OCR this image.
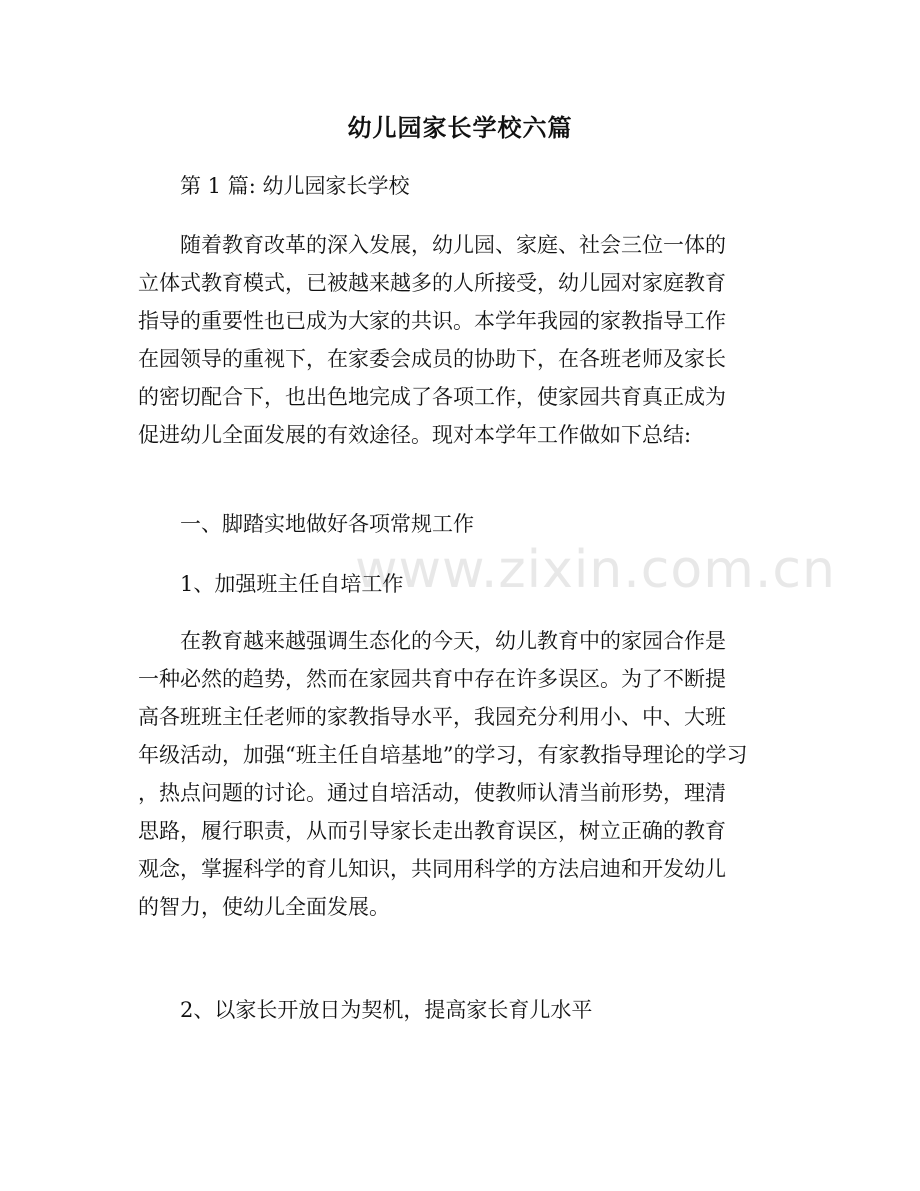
www.zixin.com.cn
幼儿园家长学校六篇
第 1 篇: 幼儿园家长学校
随着教育改革的深入发展，幼儿园、家庭、社会三位一体的
立体式教育模式，已被越来越多的人所接受，幼儿园对家庭教育
指导的重要性也已成为大家的共识。本学年我园的家教指导工作
在园领导的重视下，在家委会成员的协助下，在各班老师及家长
的密切配合下，也出色地完成了各项工作，使家园共育真正成为
促进幼儿全面发展的有效途径。现对本学年工作做如下总结:
一、脚踏实地做好各项常规工作
1、加强班主任自培工作
在教育越来越强调生态化的今天，幼儿教育中的家园合作是
一种必然的趋势，然而在家园共育中存在许多误区。为了不断提
高各班班主任老师的家教指导水平，我园充分利用小、中、大班
年级活动，加强“班主任自培基地”的学习，有家教指导理论的学习
，热点问题的讨论。通过自培活动，使教师认清当前形势，理清
思路，履行职责，从而引导家长走出教育误区，树立正确的教育
观念，掌握科学的育儿知识，共同用科学的方法启迪和开发幼儿
的智力，使幼儿全面发展。
2、以家长开放日为契机，提高家长育儿水平
